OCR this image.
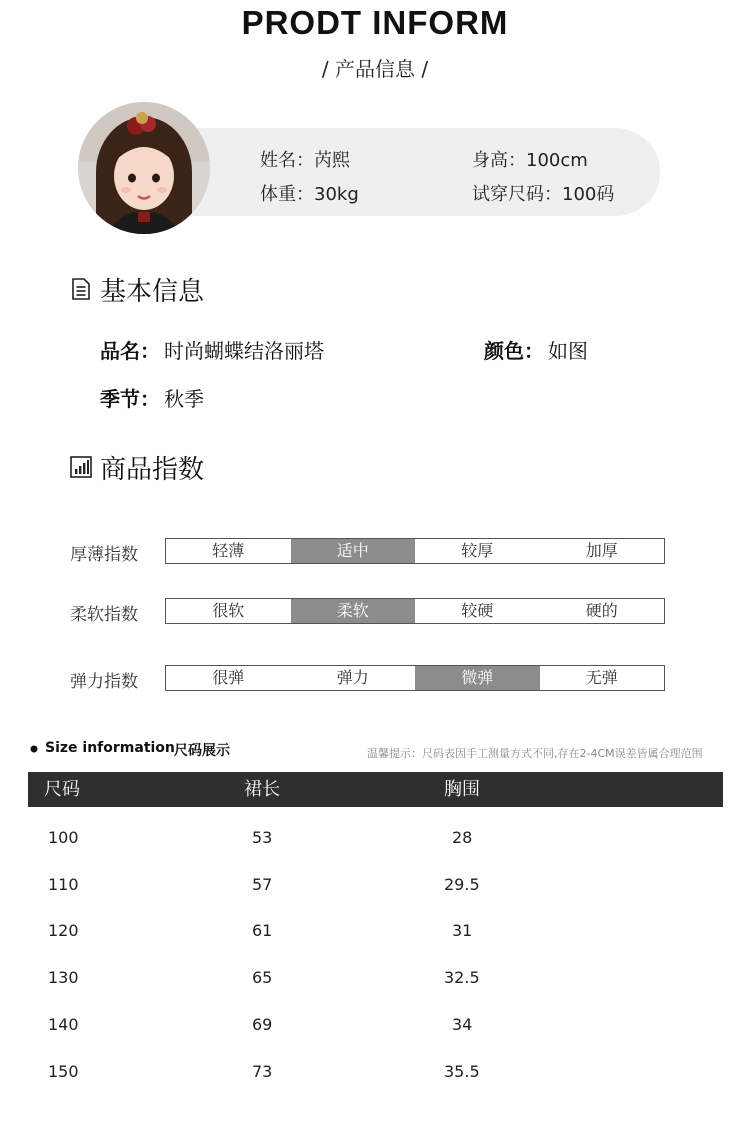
PRODT INFORM
/ 产品信息 /
姓名：芮熙	身高：100cm
体重：30kg	试穿尺码：100码
基本信息
品名： 时尚蝴蝶结洛丽塔	颜色： 如图
季节： 秋季
商品指数
厚薄指数	轻薄	适中	较厚	加厚
柔软指数	很软	柔软	较硬	硬的
弹力指数	很弹	弹力	微弹	无弹
Size information 尺码展示	温馨提示：尺码表因手工测量方式不同,存在2-4CM误差皆属合理范围
尺码	裙长	胸围
100	53	28
110	57	29.5
120	61	31
130	65	32.5
140	69	34
150	73	35.5
